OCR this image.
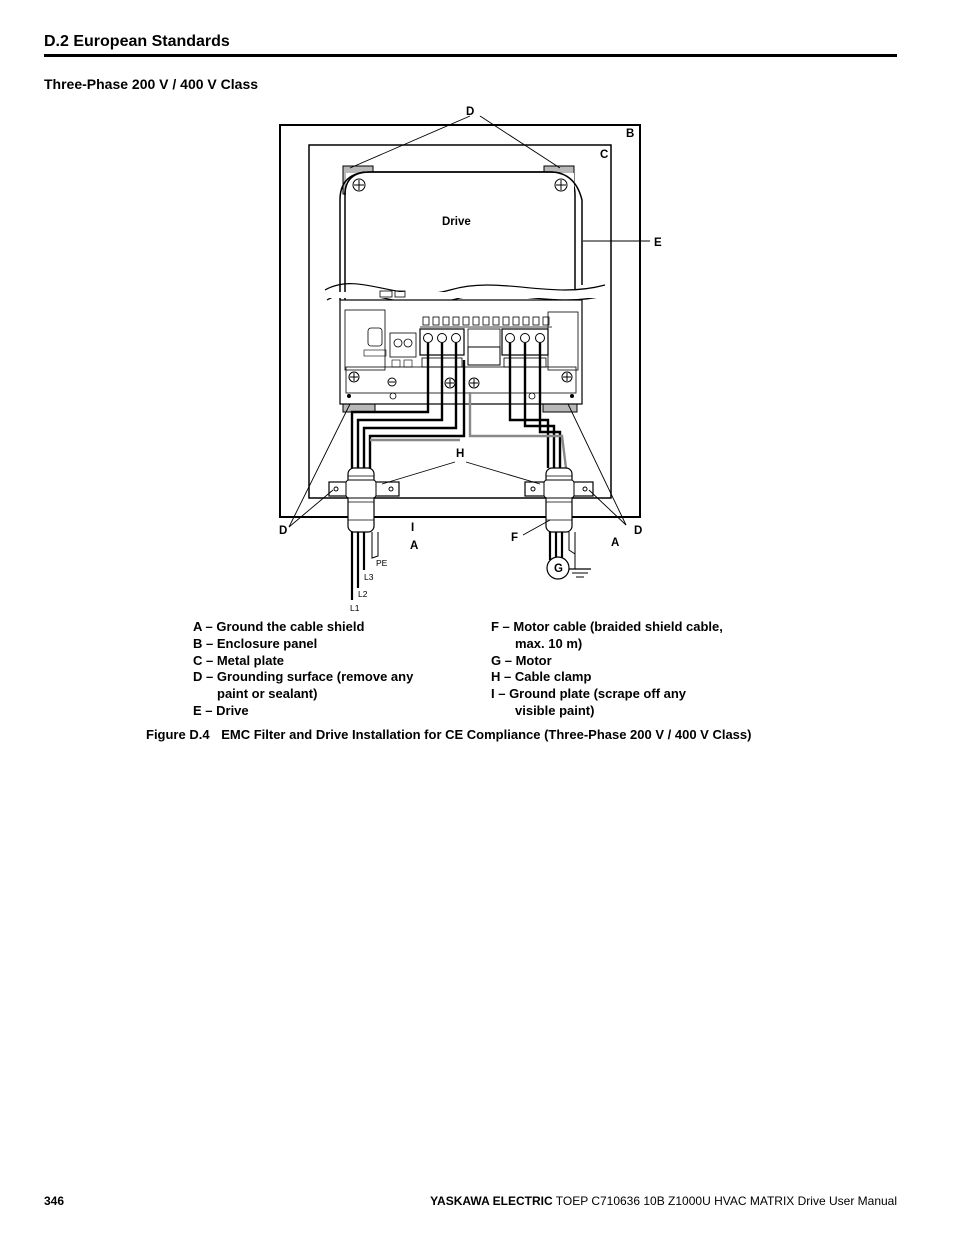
D.2 European Standards
Three-Phase 200 V / 400 V Class
D
B
C
E
Drive
H
D	D
I
A
F	A
G
PE
L3
L2
L1
A – Ground the cable shield
B – Enclosure panel
C – Metal plate
D – Grounding surface (remove any
paint or sealant)
E – Drive
F – Motor cable (braided shield cable,
max. 10 m)
G – Motor
H – Cable clamp
I – Ground plate (scrape off any
visible paint)
Figure D.4 EMC Filter and Drive Installation for CE Compliance (Three-Phase 200 V / 400 V Class)
346	YASKAWA ELECTRIC TOEP C710636 10B Z1000U HVAC MATRIX Drive User Manual
